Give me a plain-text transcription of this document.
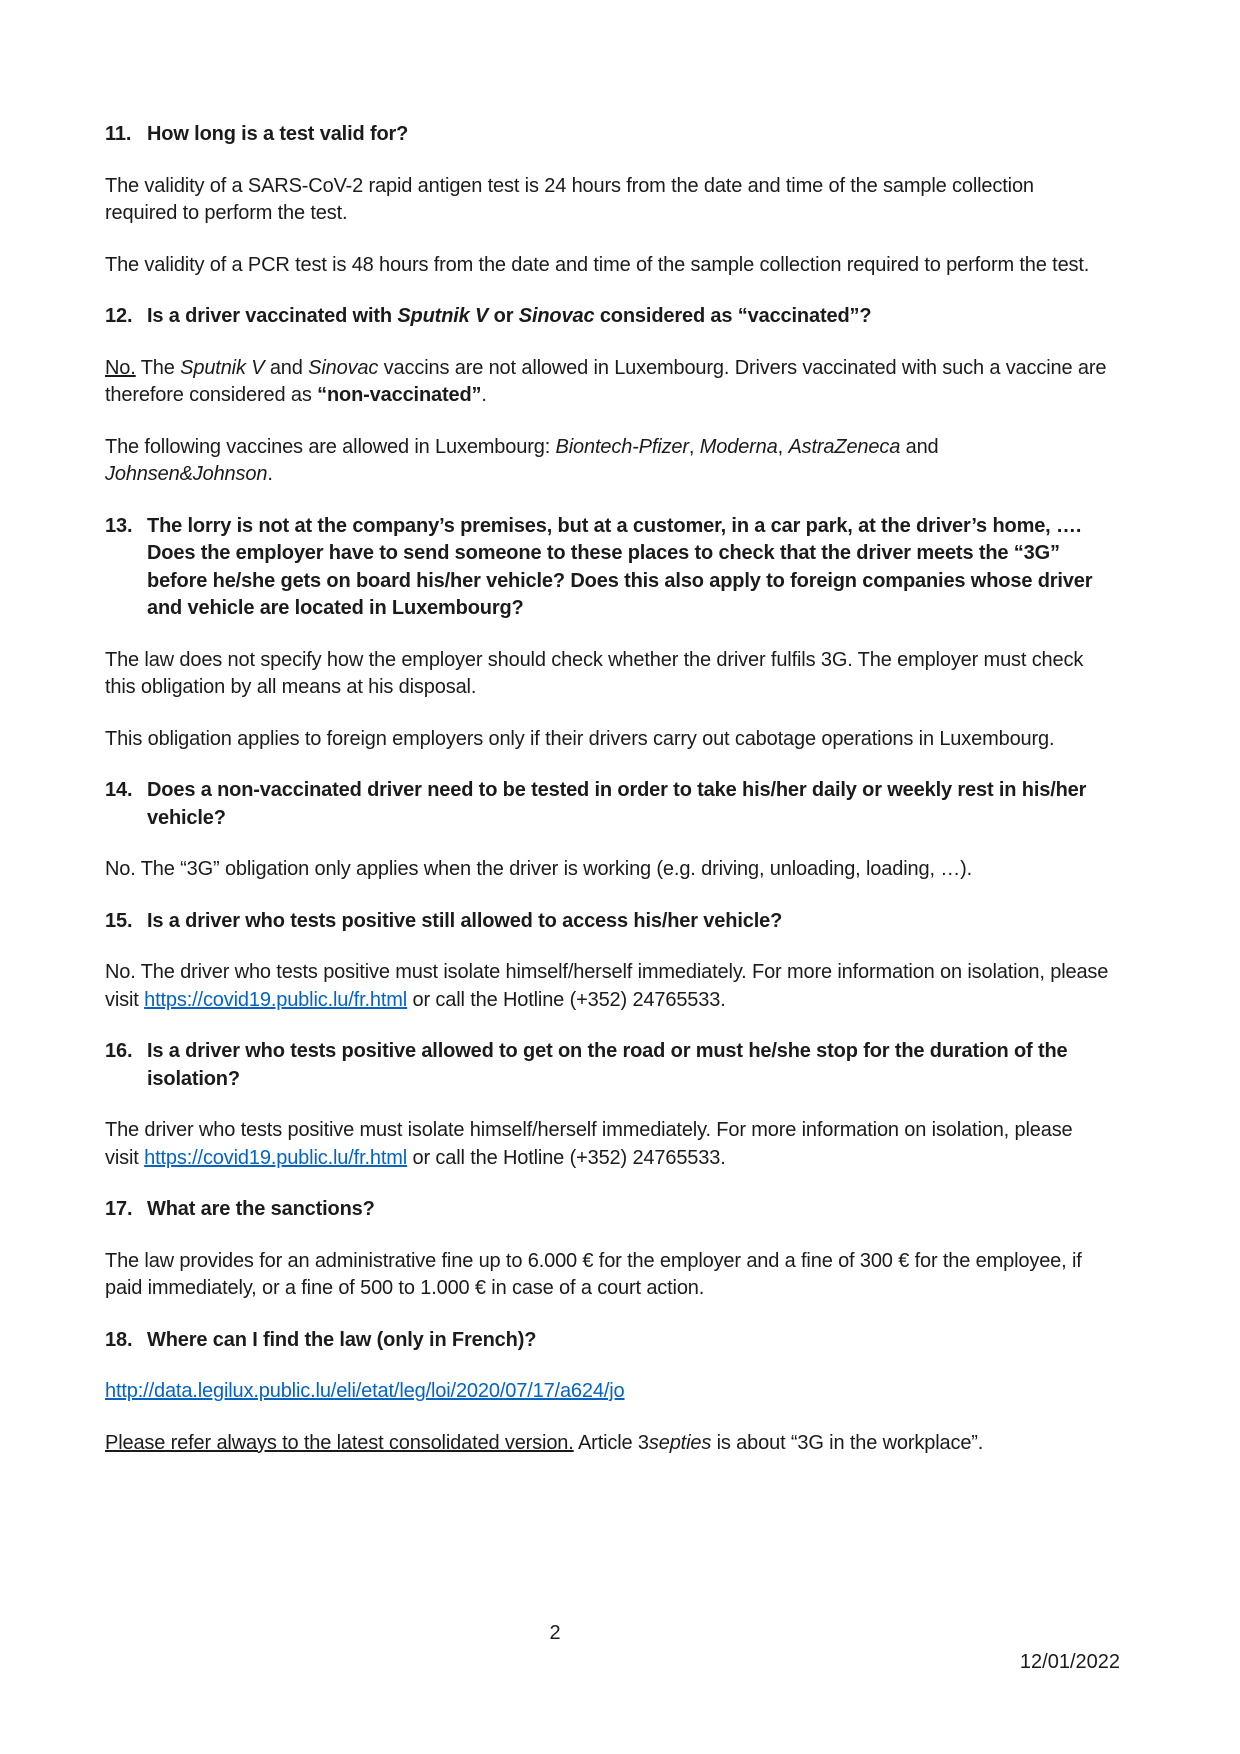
11. How long is a test valid for?

The validity of a SARS-CoV-2 rapid antigen test is 24 hours from the date and time of the sample collection required to perform the test.

The validity of a PCR test is 48 hours from the date and time of the sample collection required to perform the test.

12. Is a driver vaccinated with Sputnik V or Sinovac considered as “vaccinated”?

No. The Sputnik V and Sinovac vaccins are not allowed in Luxembourg. Drivers vaccinated with such a vaccine are therefore considered as “non-vaccinated”.

The following vaccines are allowed in Luxembourg: Biontech-Pfizer, Moderna, AstraZeneca and Johnsen&Johnson.

13. The lorry is not at the company’s premises, but at a customer, in a car park, at the driver’s home, …. Does the employer have to send someone to these places to check that the driver meets the “3G” before he/she gets on board his/her vehicle? Does this also apply to foreign companies whose driver and vehicle are located in Luxembourg?

The law does not specify how the employer should check whether the driver fulfils 3G. The employer must check this obligation by all means at his disposal.

This obligation applies to foreign employers only if their drivers carry out cabotage operations in Luxembourg.

14. Does a non-vaccinated driver need to be tested in order to take his/her daily or weekly rest in his/her vehicle?

No. The “3G” obligation only applies when the driver is working (e.g. driving, unloading, loading, …).

15. Is a driver who tests positive still allowed to access his/her vehicle?

No. The driver who tests positive must isolate himself/herself immediately. For more information on isolation, please visit https://covid19.public.lu/fr.html or call the Hotline (+352) 24765533.

16. Is a driver who tests positive allowed to get on the road or must he/she stop for the duration of the isolation?

The driver who tests positive must isolate himself/herself immediately. For more information on isolation, please visit https://covid19.public.lu/fr.html or call the Hotline (+352) 24765533.

17. What are the sanctions?

The law provides for an administrative fine up to 6.000 € for the employer and a fine of 300 € for the employee, if paid immediately, or a fine of 500 to 1.000 € in case of a court action.

18. Where can I find the law (only in French)?

http://data.legilux.public.lu/eli/etat/leg/loi/2020/07/17/a624/jo

Please refer always to the latest consolidated version. Article 3septies is about “3G in the workplace”.

2
12/01/2022
